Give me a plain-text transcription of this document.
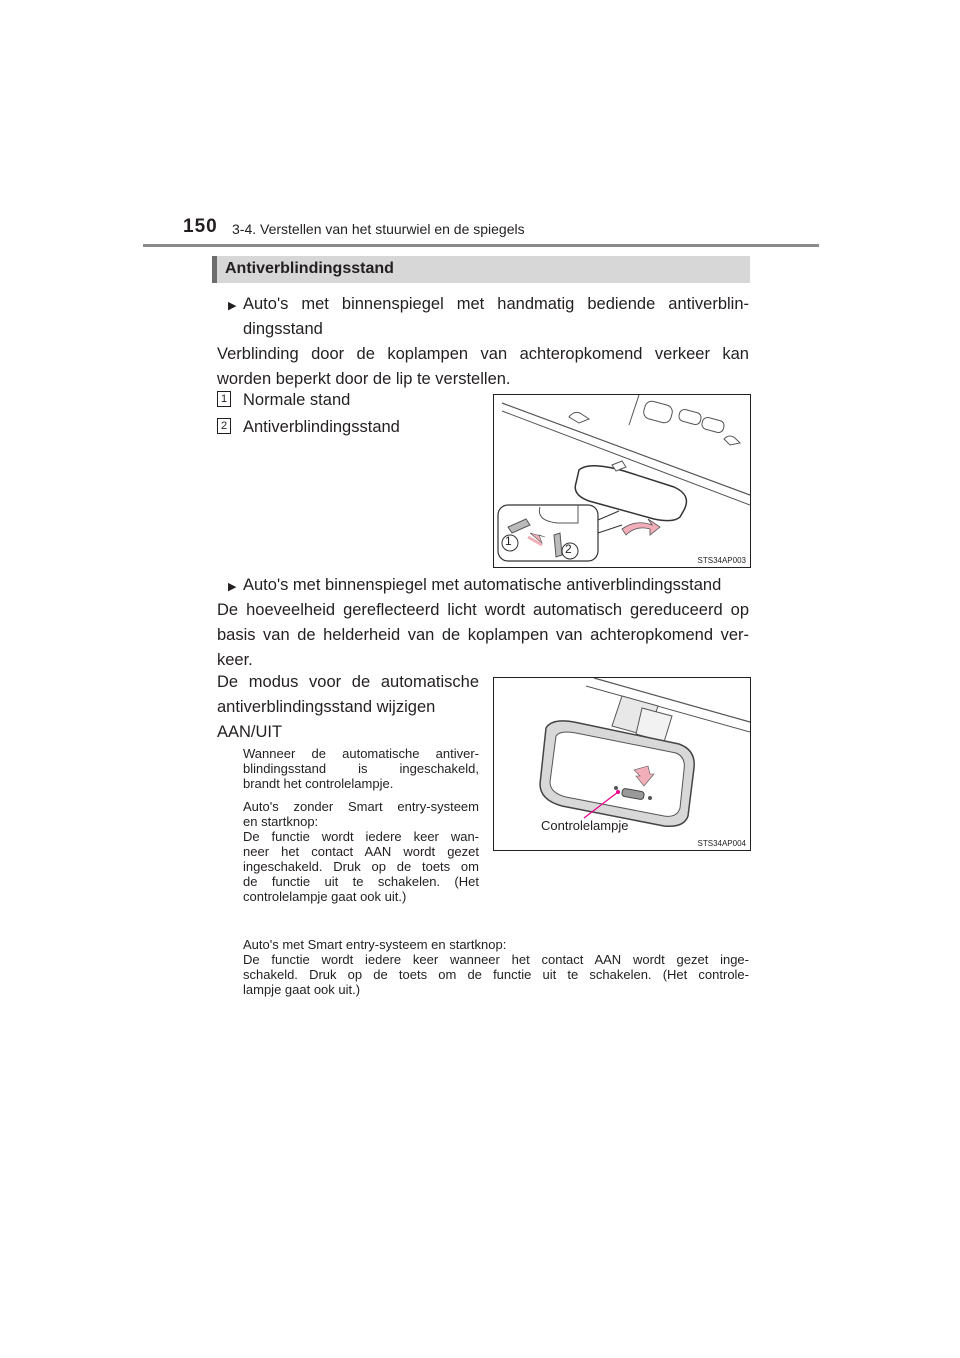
150 3-4. Verstellen van het stuurwiel en de spiegels
Antiverblindingsstand
▶ Auto's met binnenspiegel met handmatig bediende antiverblin-
dingsstand
Verblinding door de koplampen van achteropkomend verkeer kan
worden beperkt door de lip te verstellen.
1 Normale stand
2 Antiverblindingsstand
1
2
STS34AP003
▶ Auto's met binnenspiegel met automatische antiverblindingsstand
De hoeveelheid gereflecteerd licht wordt automatisch gereduceerd op
basis van de helderheid van de koplampen van achteropkomend ver-
keer.
De modus voor de automatische
antiverblindingsstand wijzigen
AAN/UIT
Wanneer de automatische antiver-
blindingsstand is ingeschakeld,
brandt het controlelampje.
Auto's zonder Smart entry-systeem
en startknop:
De functie wordt iedere keer wan-
neer het contact AAN wordt gezet
ingeschakeld. Druk op de toets om
de functie uit te schakelen. (Het
controlelampje gaat ook uit.)
Auto's met Smart entry-systeem en startknop:
De functie wordt iedere keer wanneer het contact AAN wordt gezet inge-
schakeld. Druk op de toets om de functie uit te schakelen. (Het controle-
lampje gaat ook uit.)
Controlelampje
STS34AP004
